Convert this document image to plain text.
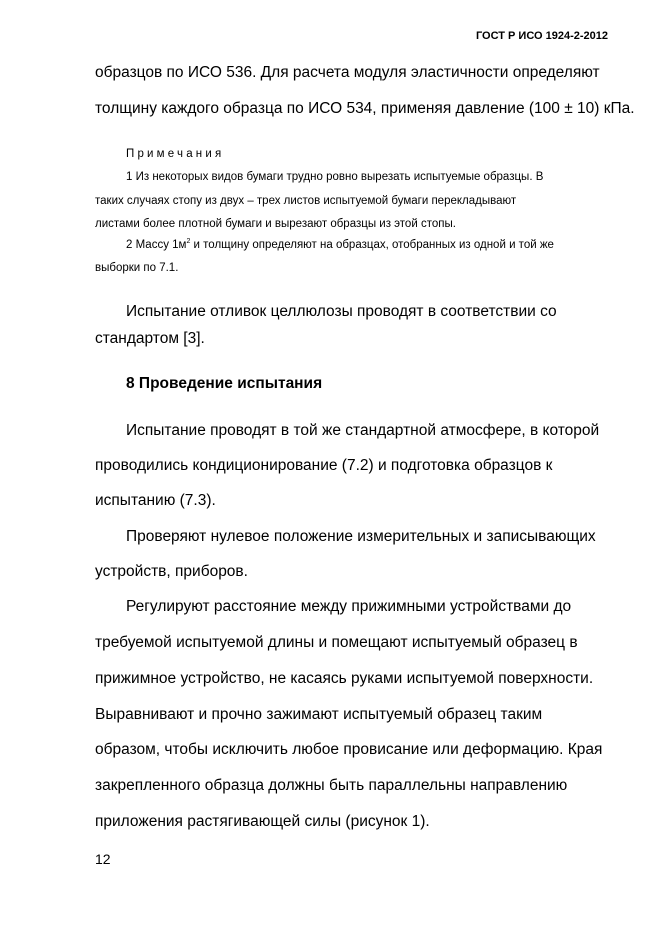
ГОСТ Р ИСО 1924-2-2012
образцов по ИСО 536. Для расчета модуля эластичности определяют
толщину каждого образца по ИСО 534, применяя давление (100 ± 10) кПа.
Примечания
1 Из некоторых видов бумаги трудно ровно вырезать испытуемые образцы. В
таких случаях стопу из двух – трех листов испытуемой бумаги перекладывают
листами более плотной бумаги и вырезают образцы из этой стопы.
2 Массу $1м^2$ и толщину определяют на образцах, отобранных из одной и той же
выборки по 7.1.
Испытание отливок целлюлозы проводят в соответствии со
стандартом [3].
8 Проведение испытания
Испытание проводят в той же стандартной атмосфере, в которой
проводились кондиционирование (7.2) и подготовка образцов к
испытанию (7.3).
Проверяют нулевое положение измерительных и записывающих
устройств, приборов.
Регулируют расстояние между прижимными устройствами до
требуемой испытуемой длины и помещают испытуемый образец в
прижимное устройство, не касаясь руками испытуемой поверхности.
Выравнивают и прочно зажимают испытуемый образец таким
образом, чтобы исключить любое провисание или деформацию. Края
закрепленного образца должны быть параллельны направлению
приложения растягивающей силы (рисунок 1).
12
